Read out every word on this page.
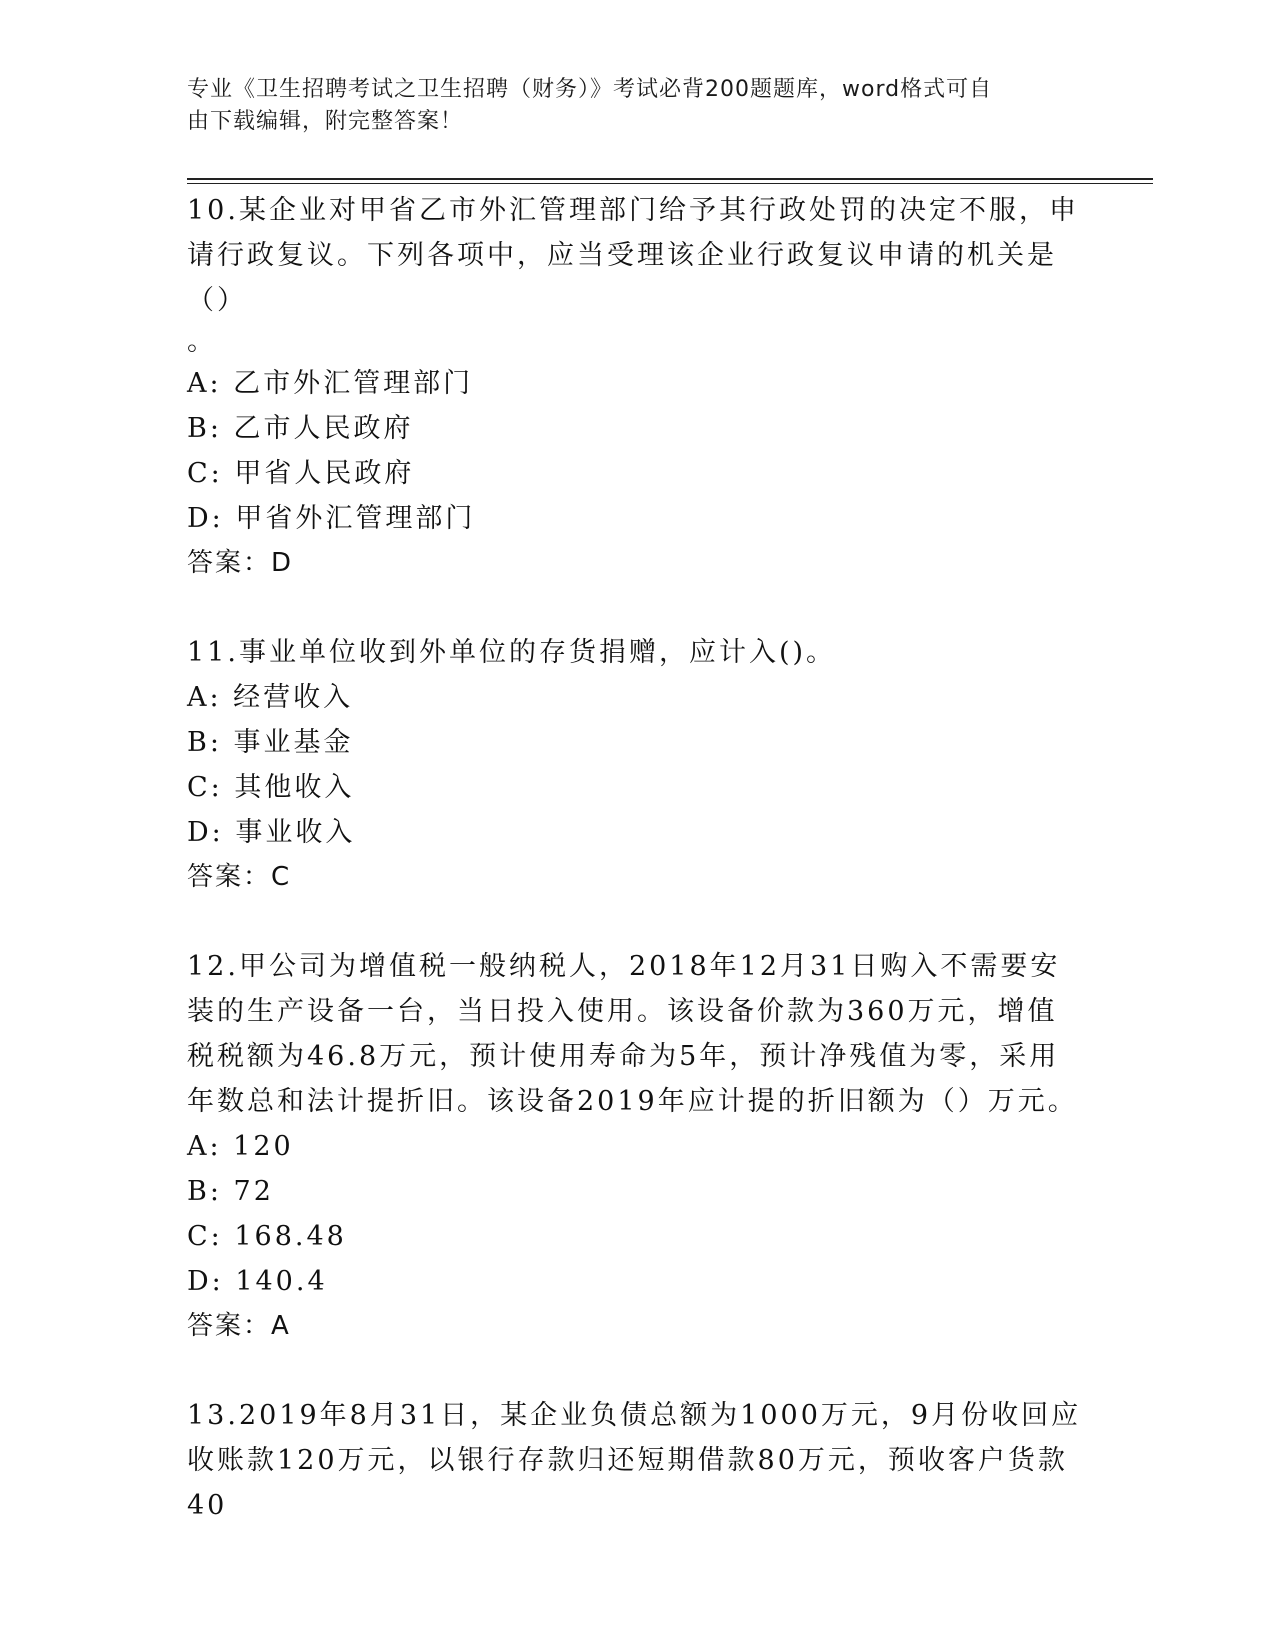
专业《卫生招聘考试之卫生招聘（财务）》考试必背200题题库，word格式可自
由下载编辑，附完整答案！

10.某企业对甲省乙市外汇管理部门给予其行政处罚的决定不服，申请行政复议。下列各项中，应当受理该企业行政复议申请的机关是（）

。
A: 乙市外汇管理部门
B: 乙市人民政府
C: 甲省人民政府
D: 甲省外汇管理部门
答案：D

11.事业单位收到外单位的存货捐赠，应计入()。

A: 经营收入
B: 事业基金
C: 其他收入
D: 事业收入
答案：C

12.甲公司为增值税一般纳税人，2018年12月31日购入不需要安装的生产设备一台，当日投入使用。该设备价款为360万元，增值税税额为46.8万元，预计使用寿命为5年，预计净残值为零，采用年数总和法计提折旧。该设备2019年应计提的折旧额为（）万元。

A: 120
B: 72
C: 168.48
D: 140.4
答案：A

13.2019年8月31日，某企业负债总额为1000万元，9月份收回应收账款120万元，以银行存款归还短期借款80万元，预收客户货款40
